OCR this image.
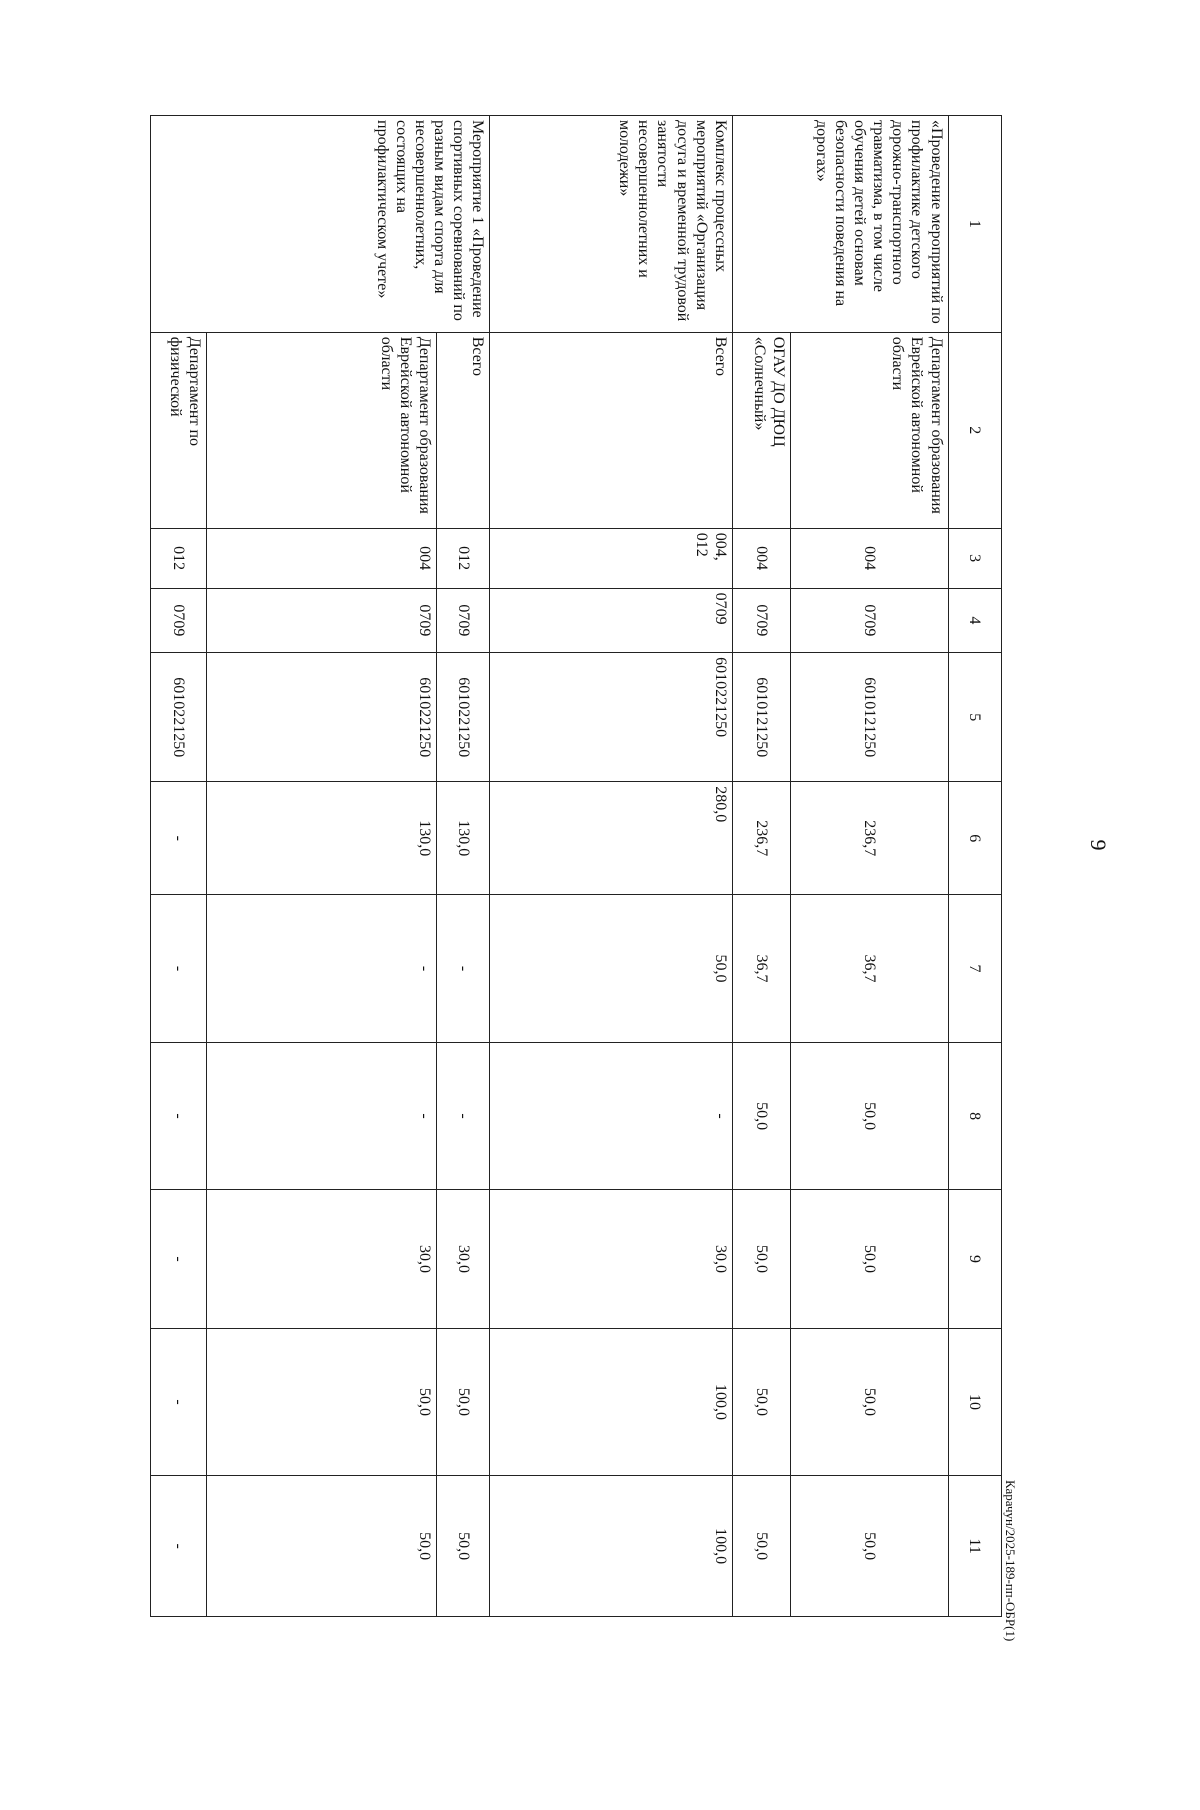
9
1	2	3	4	5	6	7	8	9	10	11
«Проведение мероприятий по профилактике детского дорожно-транспортного травматизма, в том числе обучения детей основам безопасности поведения на дорогах»	Департамент образования Еврейской автономной области	004	0709	6010121250	236,7	36,7	50,0	50,0	50,0	50,0
	ОГАУ ДО ДЮЦ «Солнечный»	004	0709	6010121250	236,7	36,7	50,0	50,0	50,0	50,0
Комплекс процессных мероприятий «Организация досуга и временной трудовой занятости несовершеннолетних и молодежи»	Всего	004, 012	0709	6010221250	280,0	50,0	-	30,0	100,0	100,0
Мероприятие 1 «Проведение спортивных соревнований по разным видам спорта для несовершеннолетних, состоящих на профилактическом учете»	Всего	012	0709	6010221250	130,0	-	-	30,0	50,0	50,0
	Департамент образования Еврейской автономной области	004	0709	6010221250	130,0	-	-	30,0	50,0	50,0
	Департамент по физической	012	0709	6010221250	-	-	-	-	-	-	Карачун/2025-189-пп-ОБР(1)
